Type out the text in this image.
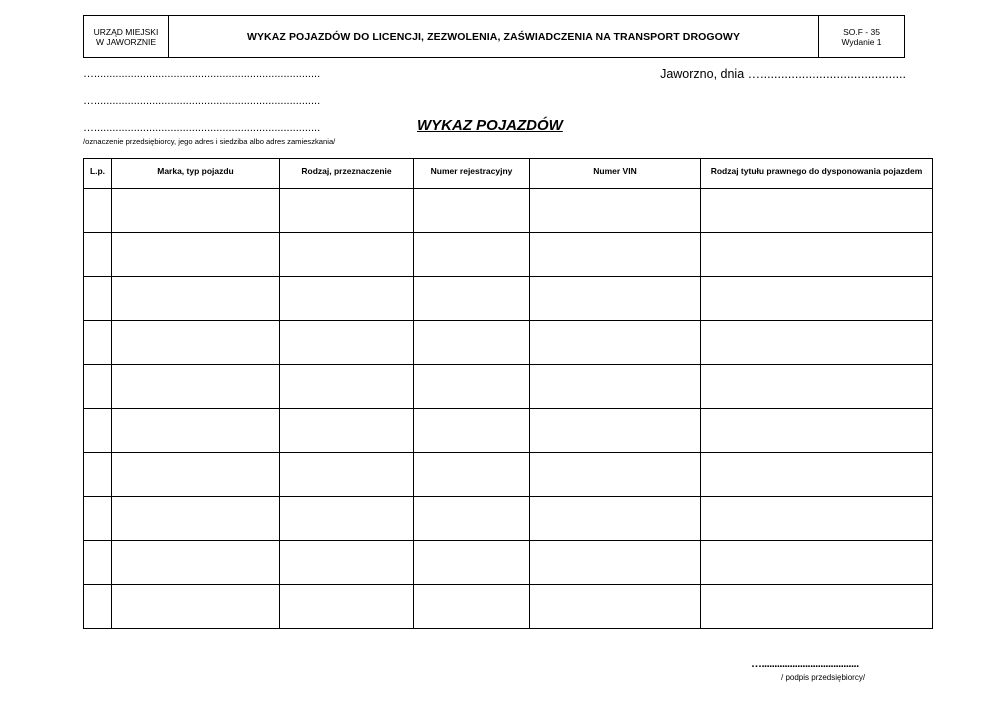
URZĄD MIEJSKI
W JAWORZNIE	WYKAZ POJAZDÓW DO LICENCJI, ZEZWOLENIA, ZAŚWIADCZENIA NA TRANSPORT DROGOWY	SO.F - 35
Wydanie 1
…..........................................................................
…..........................................................................
…..........................................................................
/oznaczenie przedsiębiorcy, jego adres i siedziba albo adres zamieszkania/
Jaworzno, dnia …..........................................
WYKAZ POJAZDÓW
L.p.	Marka, typ pojazdu	Rodzaj, przeznaczenie	Numer rejestracyjny	Numer VIN	Rodzaj tytułu prawnego do dysponowania pojazdem

…......................................
/ podpis przedsiębiorcy/
